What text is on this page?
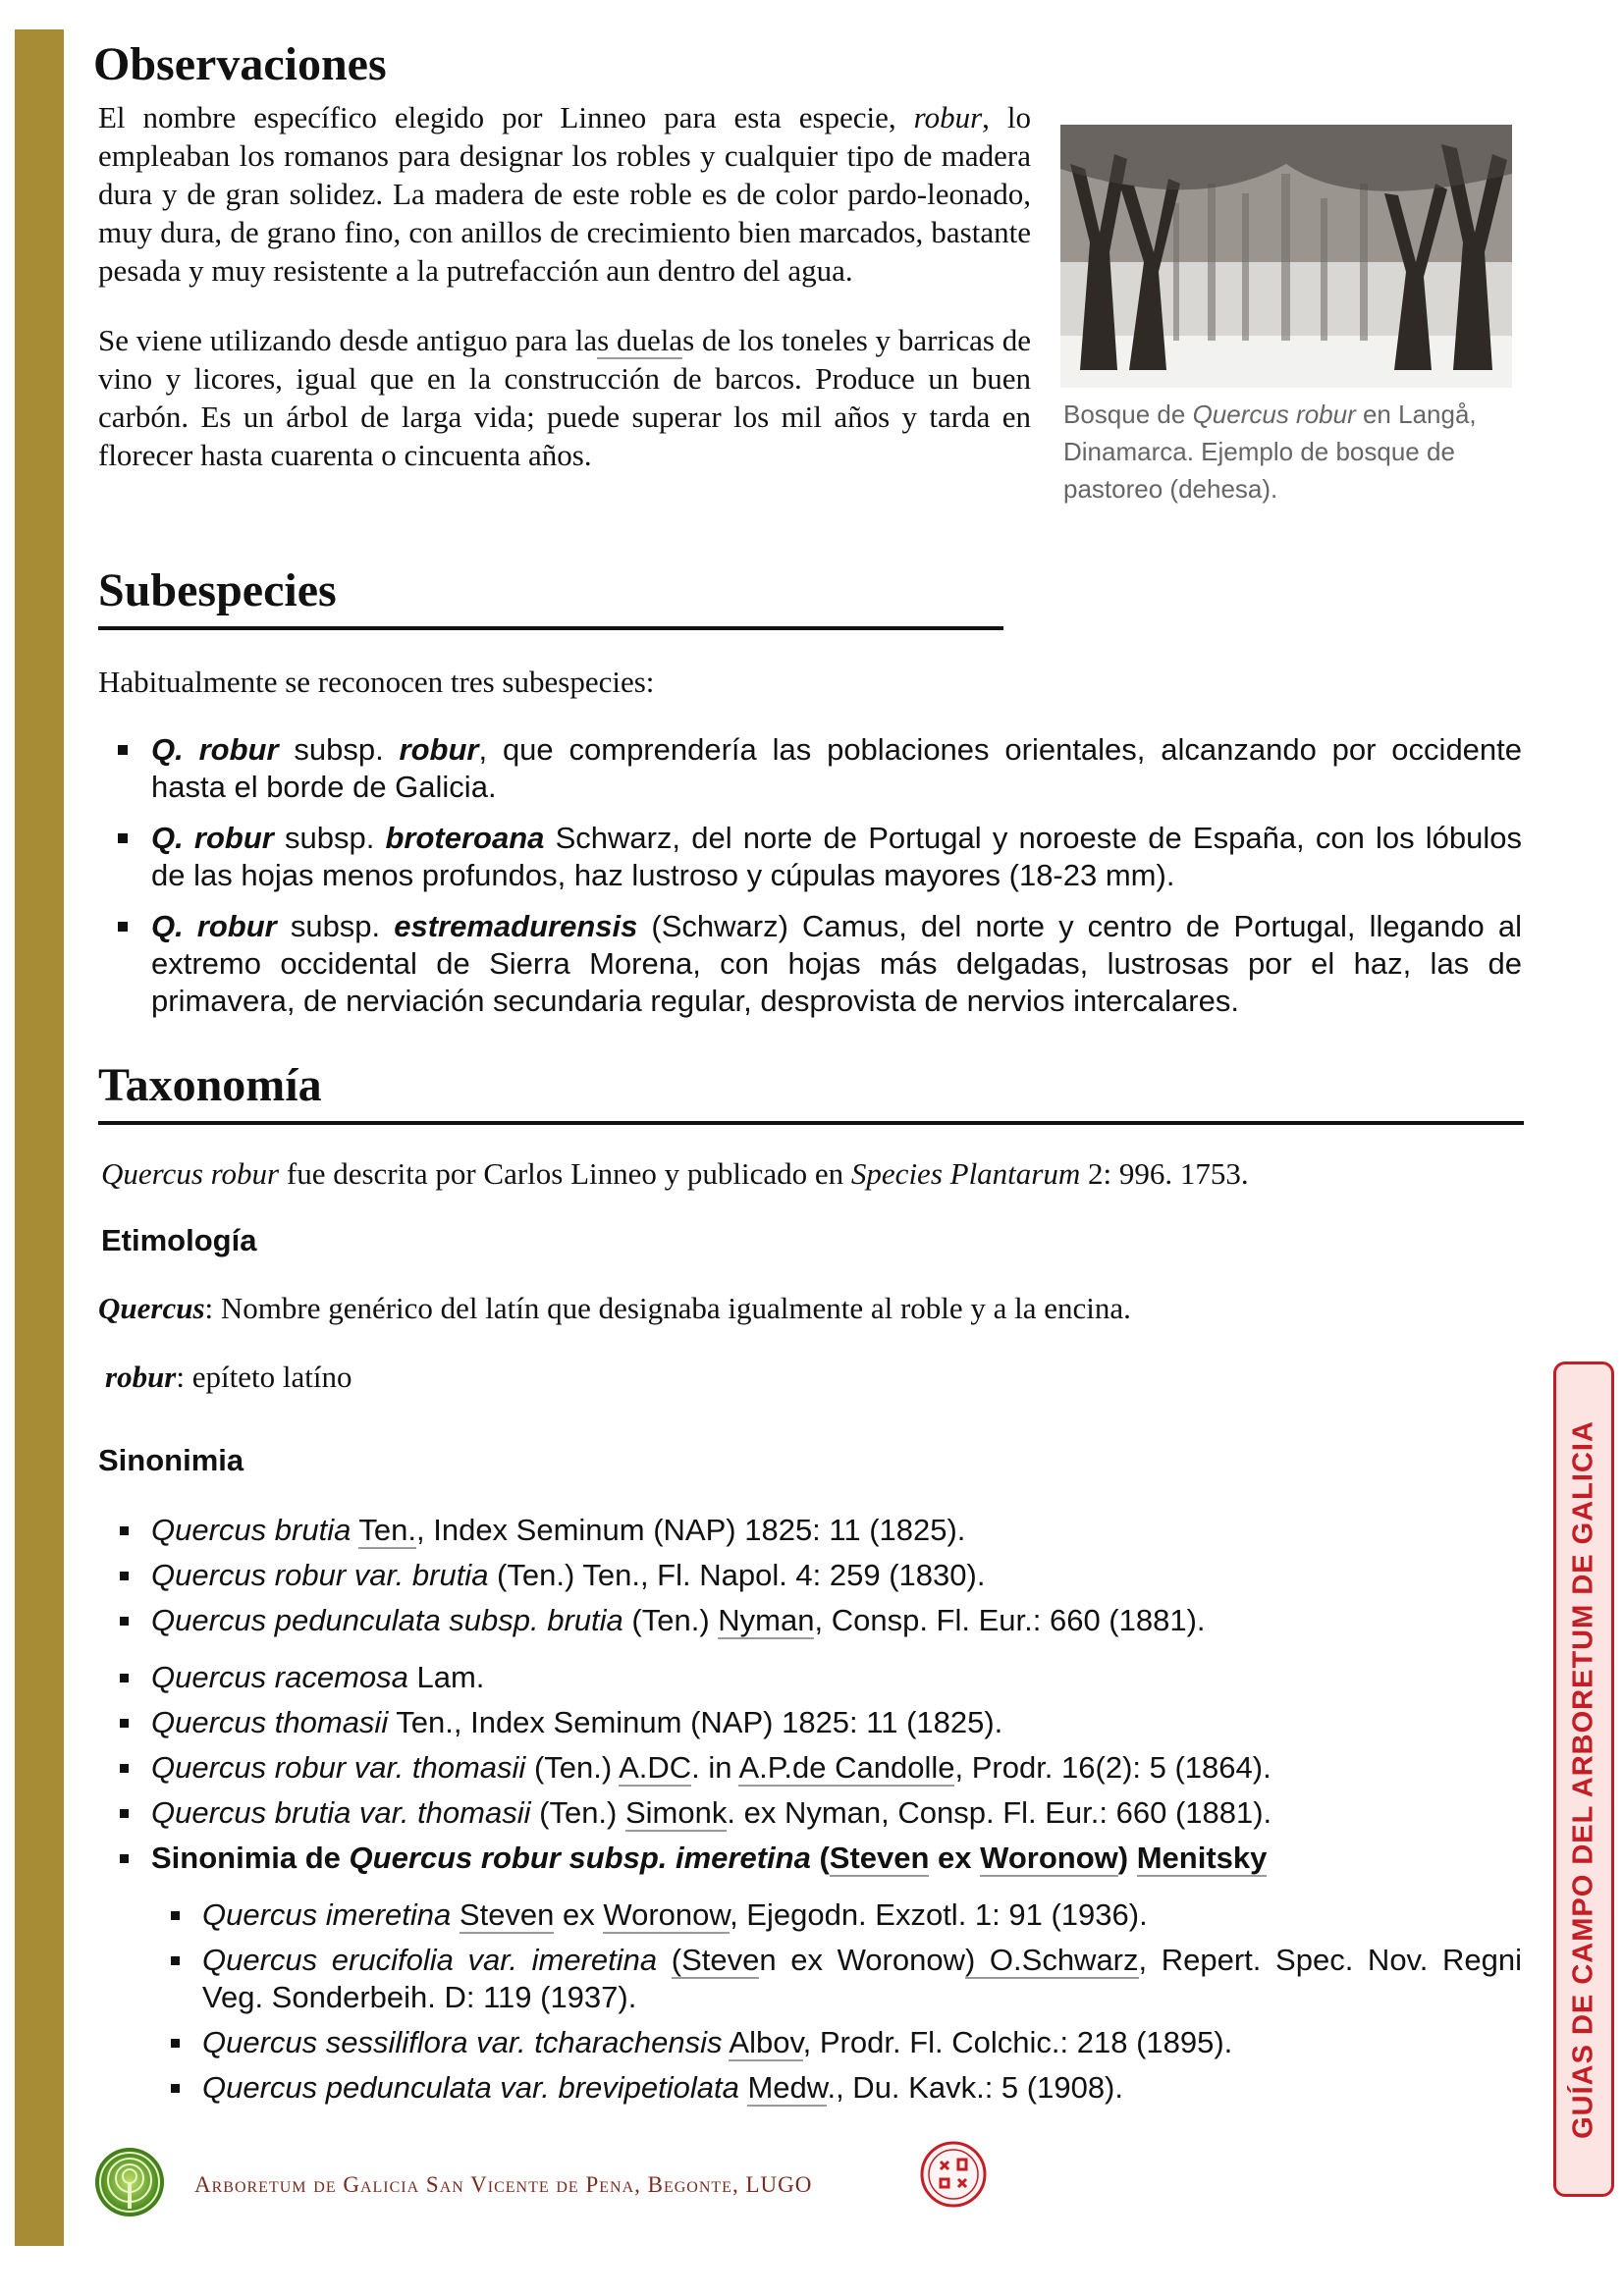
Observaciones

El nombre específico elegido por Linneo para esta especie, robur, lo empleaban los romanos para designar los robles y cualquier tipo de madera dura y de gran solidez. La madera de este roble es de color pardo-leonado, muy dura, de grano fino, con anillos de crecimiento bien marcados, bastante pesada y muy resistente a la putrefacción aun dentro del agua.

Se viene utilizando desde antiguo para las duelas de los toneles y barricas de vino y licores, igual que en la construcción de barcos. Produce un buen carbón. Es un árbol de larga vida; puede superar los mil años y tarda en florecer hasta cuarenta o cincuenta años.

Bosque de Quercus robur en Langå, Dinamarca. Ejemplo de bosque de pastoreo (dehesa).
Subespecies
Habitualmente se reconocen tres subespecies:
Q. robur subsp. robur, que comprendería las poblaciones orientales, alcanzando por occidente hasta el borde de Galicia.
Q. robur subsp. broteroana Schwarz, del norte de Portugal y noroeste de España, con los lóbulos de las hojas menos profundos, haz lustroso y cúpulas mayores (18-23 mm).
Q. robur subsp. estremadurensis (Schwarz) Camus, del norte y centro de Portugal, llegando al extremo occidental de Sierra Morena, con hojas más delgadas, lustrosas por el haz, las de primavera, de nerviación secundaria regular, desprovista de nervios intercalares.
Taxonomía
Quercus robur fue descrita por Carlos Linneo y publicado en Species Plantarum 2: 996. 1753.
Etimología
Quercus: Nombre genérico del latín que designaba igualmente al roble y a la encina.
robur: epíteto latíno
Sinonimia
Quercus brutia Ten., Index Seminum (NAP) 1825: 11 (1825).
Quercus robur var. brutia (Ten.) Ten., Fl. Napol. 4: 259 (1830).
Quercus pedunculata subsp. brutia (Ten.) Nyman, Consp. Fl. Eur.: 660 (1881).
Quercus racemosa Lam.
Quercus thomasii Ten., Index Seminum (NAP) 1825: 11 (1825).
Quercus robur var. thomasii (Ten.) A.DC. in A.P.de Candolle, Prodr. 16(2): 5 (1864).
Quercus brutia var. thomasii (Ten.) Simonk. ex Nyman, Consp. Fl. Eur.: 660 (1881).
Sinonimia de Quercus robur subsp. imeretina (Steven ex Woronow) Menitsky
Quercus imeretina Steven ex Woronow, Ejegodn. Exzotl. 1: 91 (1936).
Quercus erucifolia var. imeretina (Steven ex Woronow) O.Schwarz, Repert. Spec. Nov. Regni Veg. Sonderbeih. D: 119 (1937).
Quercus sessiliflora var. tcharachensis Albov, Prodr. Fl. Colchic.: 218 (1895).
Quercus pedunculata var. brevipetiolata Medw., Du. Kavk.: 5 (1908).	GUÍAS DE CAMPO DEL ARBORETUM DE GALICIA
Arboretum de Galicia San Vicente de Pena, Begonte, LUGO
